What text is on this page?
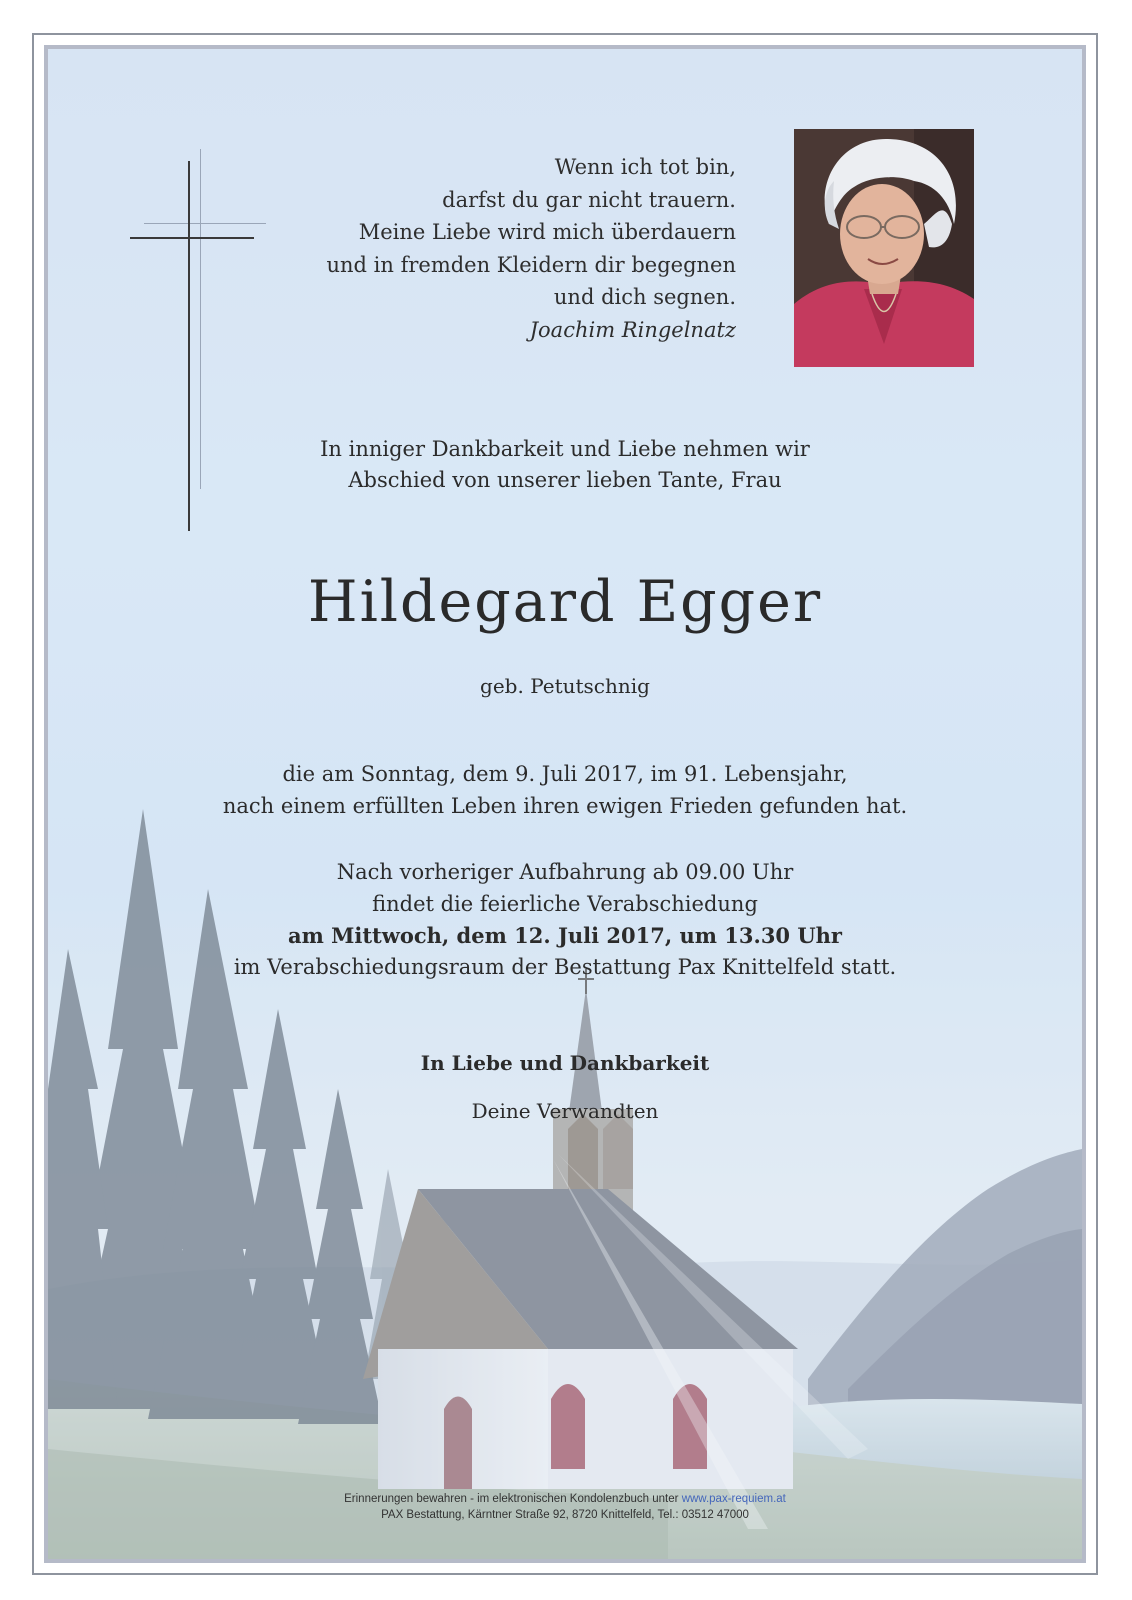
Wenn ich tot bin,
darfst du gar nicht trauern.
Meine Liebe wird mich überdauern
und in fremden Kleidern dir begegnen
und dich segnen.
Joachim Ringelnatz
In inniger Dankbarkeit und Liebe nehmen wir
Abschied von unserer lieben Tante, Frau
Hildegard Egger
geb. Petutschnig
die am Sonntag, dem 9. Juli 2017, im 91. Lebensjahr,
nach einem erfüllten Leben ihren ewigen Frieden gefunden hat.
Nach vorheriger Aufbahrung ab 09.00 Uhr
findet die feierliche Verabschiedung
am Mittwoch, dem 12. Juli 2017, um 13.30 Uhr
im Verabschiedungsraum der Bestattung Pax Knittelfeld statt.
In Liebe und Dankbarkeit
Deine Verwandten
Erinnerungen bewahren - im elektronischen Kondolenzbuch unter www.pax-requiem.at
PAX Bestattung, Kärntner Straße 92, 8720 Knittelfeld, Tel.: 03512 47000
